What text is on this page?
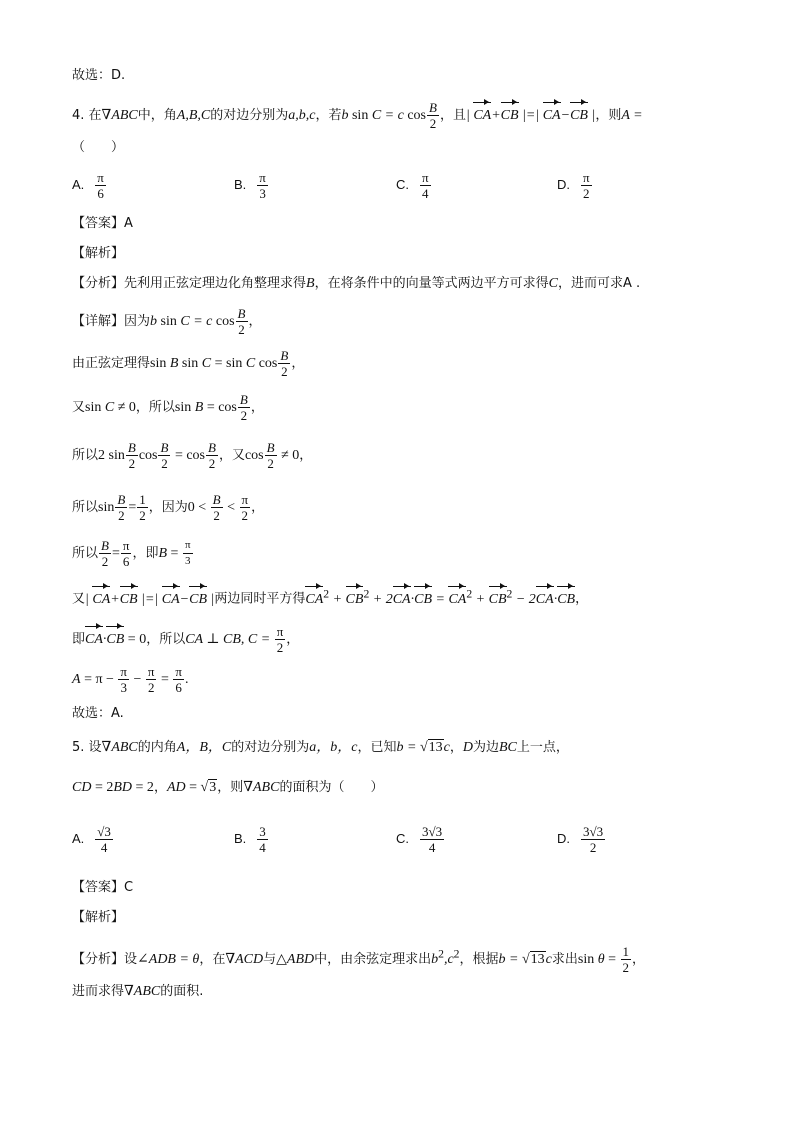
故选：D.
4. 在∇ABC中，角A,B,C的对边分别为a,b,c，若b sin C = c $\cos \frac{B}{2}$ ，且| CA+CB |=| CA−CB |，则A =
（　　）
A. $\frac{\pi}{6}$	B. $\frac{\pi}{3}$	C. $\frac{\pi}{4}$	D. $\frac{\pi}{2}$
【答案】A
【解析】
【分析】先利用正弦定理边化角整理求得B，在将条件中的向量等式两边平方可求得C，进而可求A .
【详解】因为b sin C = c $\cos \frac{B}{2}$ ，
由正弦定理得sin B sin C = sin C $\cos \frac{B}{2}$ ，
又sin C ≠ 0，所以$\sin B = \cos \frac{B}{2}$ ，
所以2 $\sin \frac{B}{2}$ $\cos \frac{B}{2} = \cos \frac{B}{2}$ ，又$\cos \frac{B}{2} \ne 0$，
所以$\sin \frac{B}{2} = \frac{1}{2}$ ，因为$0 < \frac{B}{2} < \frac{\pi}{2}$ ，
所以 $\frac{B}{2} = \frac{\pi}{6}$ ，即$B = \frac{\pi}{3}$
又| CA+CB |=| CA−CB |两边同时平方得$CA^2 + CB^2 + 2CA\cdot CB = CA^2 + CB^2 - 2CA\cdot CB$，
即CA·CB = 0，所以CA ⊥ CB, $C = \frac{\pi}{2}$ ，
$A = \pi - \frac{\pi}{3} - \frac{\pi}{2} = \frac{\pi}{6}$ .
故选：A.
5. 设∇ABC的内角A，B，C的对边分别为a，b，c，已知b = √13c，D为边BC上一点，
CD = 2BD = 2，AD = √3，则∇ABC的面积为（　　）
A. $\frac{√3}{4}$	B. $\frac{3}{4}$	C. $\frac{3√3}{4}$	D. $\frac{3√3}{2}$
【答案】C
【解析】
【分析】设∠ADB = θ，在∇ACD与△ABD中，由余弦定理求出$b^2,c^2$，根据b = √13c求出$\sin \theta = \frac{1}{2}$ ，
进而求得∇ABC的面积.
